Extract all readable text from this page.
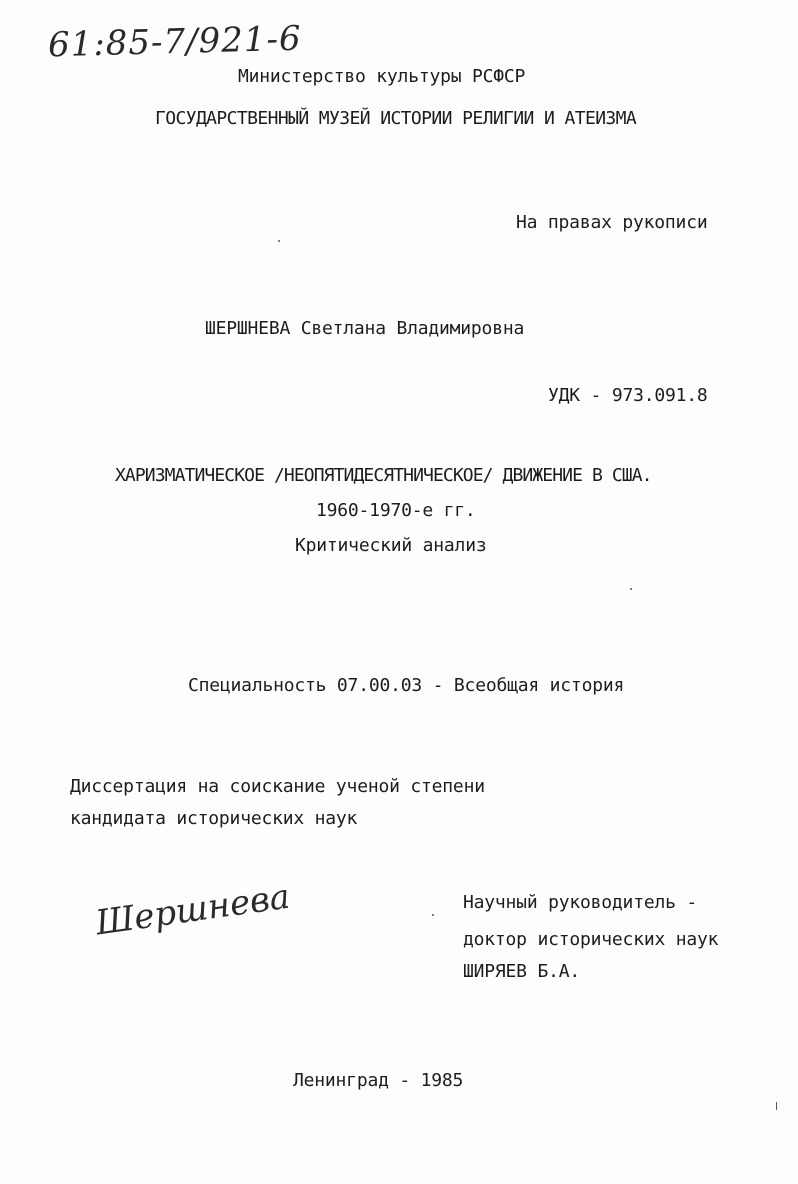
61:85-7/921-6
Министерство культуры РСФСР
ГОСУДАРСТВЕННЫЙ МУЗЕЙ ИСТОРИИ РЕЛИГИИ И АТЕИЗМА
На правах рукописи
ШЕРШНЕВА Светлана Владимировна
УДК - 973.091.8
ХАРИЗМАТИЧЕСКОЕ /НЕОПЯТИДЕСЯТНИЧЕСКОЕ/ ДВИЖЕНИЕ В США.
1960-1970-е гг.
Критический анализ
Специальность 07.00.03 - Всеобщая история
Диссертация на соискание ученой степени
кандидата исторических наук
Шершнева	Научный руководитель -
доктор исторических наук
ШИРЯЕВ Б.А.
Ленинград - 1985
